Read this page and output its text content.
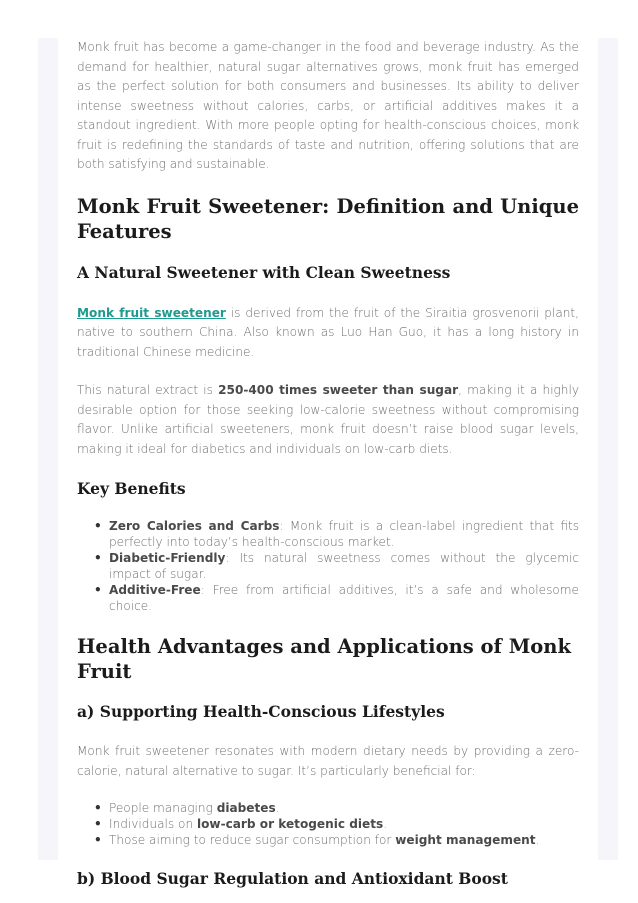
Monk fruit has become a game-changer in the food and beverage industry. As the demand for healthier, natural sugar alternatives grows, monk fruit has emerged as the perfect solution for both consumers and businesses. Its ability to deliver intense sweetness without calories, carbs, or artificial additives makes it a standout ingredient. With more people opting for health-conscious choices, monk fruit is redefining the standards of taste and nutrition, offering solutions that are both satisfying and sustainable.

Monk Fruit Sweetener: Definition and Unique Features
A Natural Sweetener with Clean Sweetness

Monk fruit sweetener is derived from the fruit of the Siraitia grosvenorii plant, native to southern China. Also known as Luo Han Guo, it has a long history in traditional Chinese medicine.

This natural extract is 250-400 times sweeter than sugar, making it a highly desirable option for those seeking low-calorie sweetness without compromising flavor. Unlike artificial sweeteners, monk fruit doesn’t raise blood sugar levels, making it ideal for diabetics and individuals on low-carb diets.

Key Benefits
• Zero Calories and Carbs: Monk fruit is a clean-label ingredient that fits perfectly into today’s health-conscious market.
• Diabetic-Friendly: Its natural sweetness comes without the glycemic impact of sugar.
• Additive-Free: Free from artificial additives, it’s a safe and wholesome choice.
Health Advantages and Applications of Monk Fruit
a) Supporting Health-Conscious Lifestyles

Monk fruit sweetener resonates with modern dietary needs by providing a zero-calorie, natural alternative to sugar. It’s particularly beneficial for:

• People managing diabetes.
• Individuals on low-carb or ketogenic diets.
• Those aiming to reduce sugar consumption for weight management.
b) Blood Sugar Regulation and Antioxidant Boost
